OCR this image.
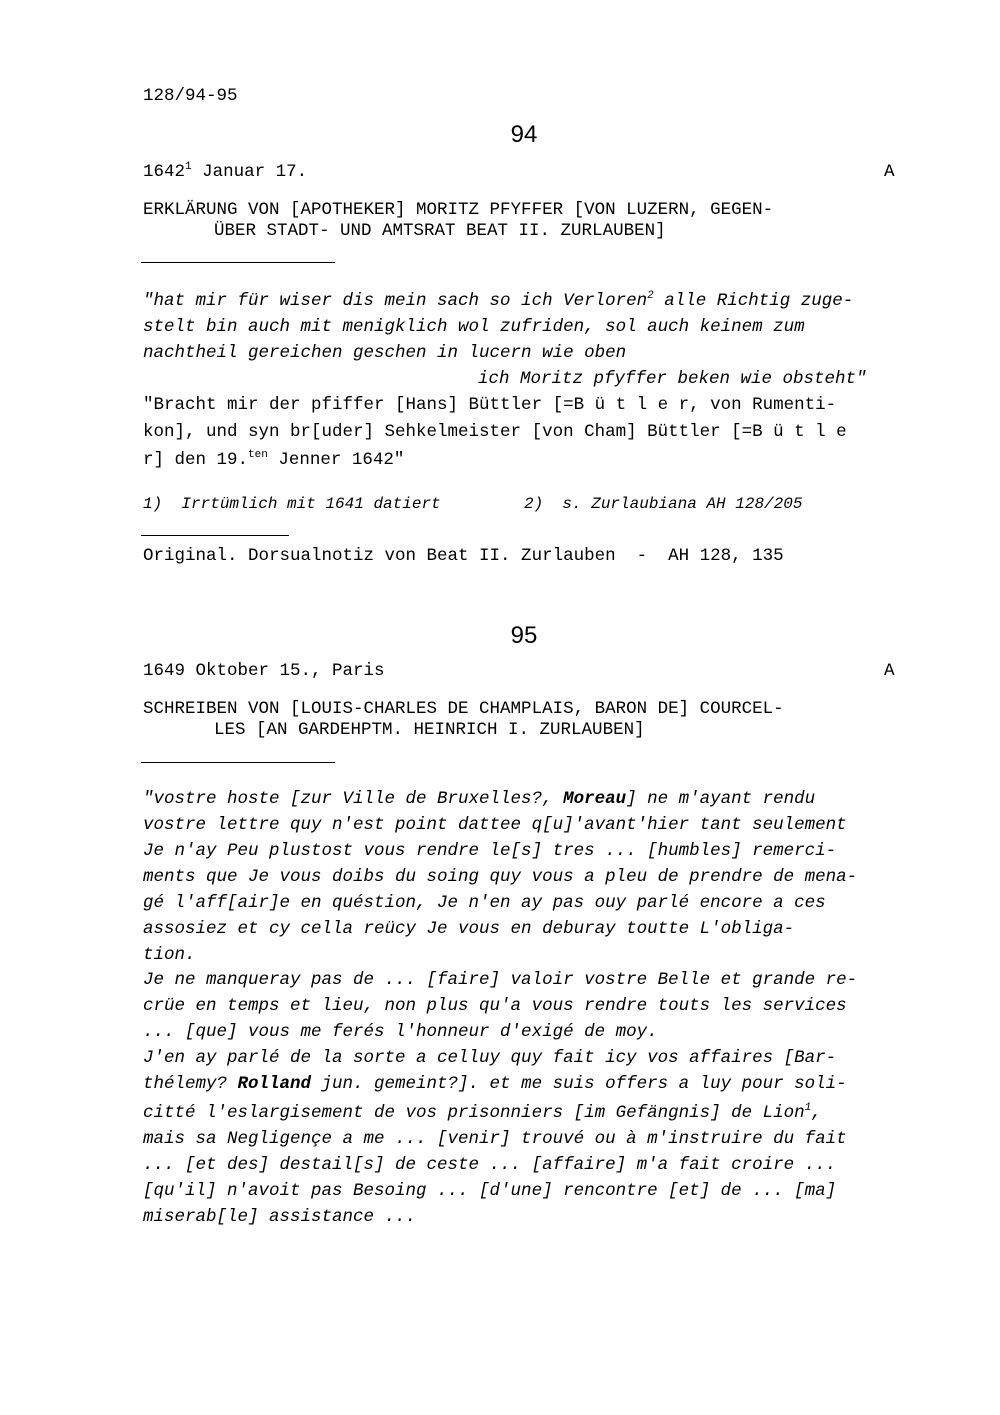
128/94-95
94
1642$^1$ Januar 17.	A
ERKLÄRUNG VON [APOTHEKER] MORITZ PFYFFER [VON LUZERN, GEGEN-
ÜBER STADT- UND AMTSRAT BEAT II. ZURLAUBEN]
"hat mir für wiser dis mein sach so ich Verloren$^2$ alle Richtig zuge-
stelt bin auch mit menigklich wol zufriden, sol auch keinem zum
nachtheil gereichen geschen in lucern wie oben
ich Moritz pfyffer beken wie obsteht"
"Bracht mir der pfiffer [Hans] Büttler [=B ü t l e r, von Rumenti-
kon], und syn br[uder] Sehkelmeister [von Cham] Büttler [=B ü t l e
r] den 19.$^{ten}$ Jenner 1642"
1)  Irrtümlich mit 1641 datiert	2)  s. Zurlaubiana AH 128/205
Original. Dorsualnotiz von Beat II. Zurlauben  -  AH 128, 135
95
1649 Oktober 15., Paris	A
SCHREIBEN VON [LOUIS-CHARLES DE CHAMPLAIS, BARON DE] COURCEL-
LES [AN GARDEHPTM. HEINRICH I. ZURLAUBEN]
"vostre hoste [zur Ville de Bruxelles?, Moreau] ne m'ayant rendu
vostre lettre quy n'est point dattee q[u]'avant'hier tant seulement
Je n'ay Peu plustost vous rendre le[s] tres ... [humbles] remerci-
ments que Je vous doibs du soing quy vous a pleu de prendre de mena-
gé l'aff[air]e en quéstion, Je n'en ay pas ouy parlé encore a ces
assosiez et cy cella reücy Je vous en deburay toutte L'obliga-
tion.
Je ne manqueray pas de ... [faire] valoir vostre Belle et grande re-
crüe en temps et lieu, non plus qu'a vous rendre touts les services
... [que] vous me ferés l'honneur d'exigé de moy.
J'en ay parlé de la sorte a celluy quy fait icy vos affaires [Bar-
thélemy? Rolland jun. gemeint?]. et me suis offers a luy pour soli-
citté l'eslargisement de vos prisonniers [im Gefängnis] de Lion$^1$,
mais sa Negligençe a me ... [venir] trouvé ou à m'instruire du fait
... [et des] destail[s] de ceste ... [affaire] m'a fait croire ...
[qu'il] n'avoit pas Besoing ... [d'une] rencontre [et] de ... [ma]
miserab[le] assistance ...
